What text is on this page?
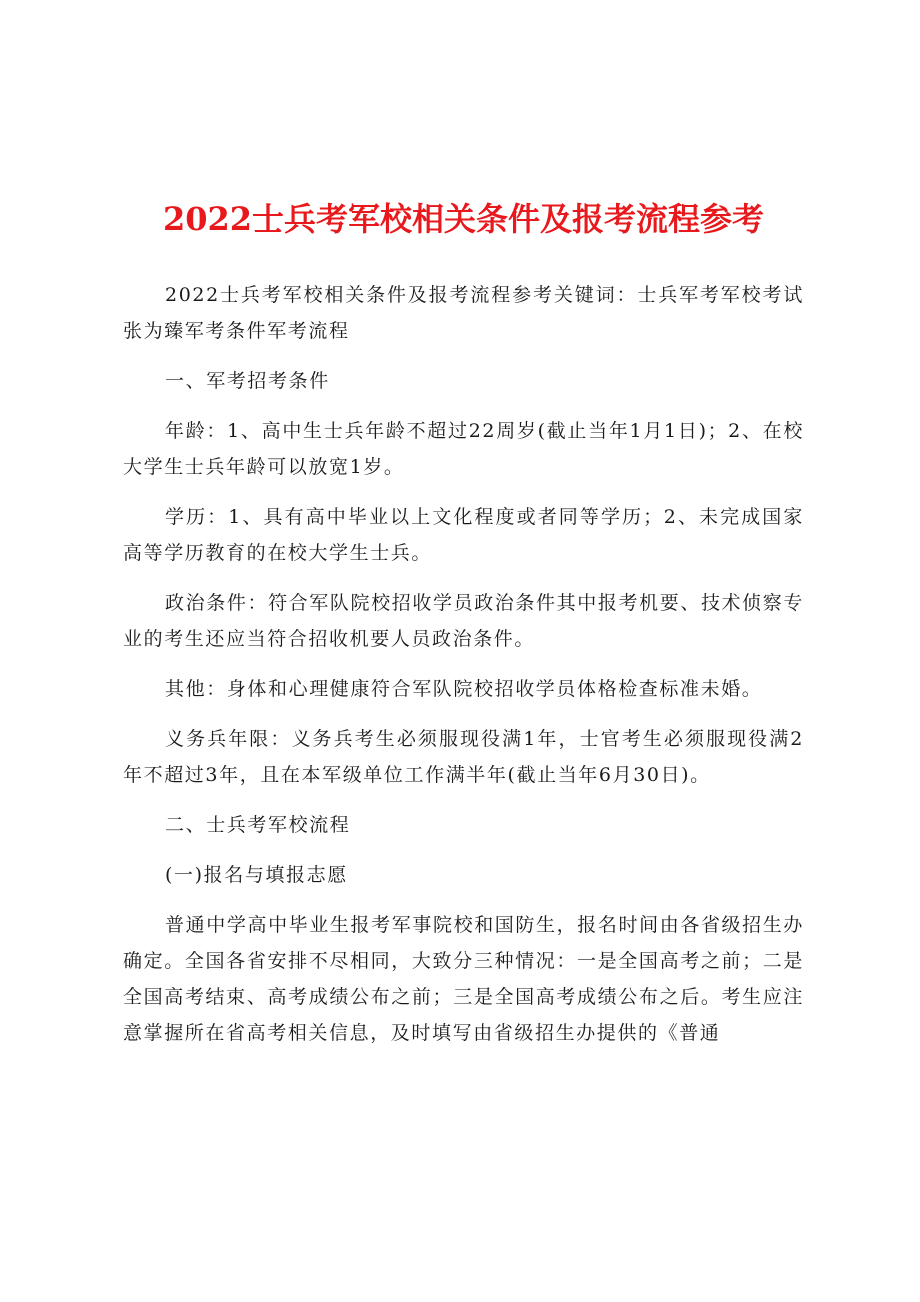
2022士兵考军校相关条件及报考流程参考

2022士兵考军校相关条件及报考流程参考关键词：士兵军考军校考试张为臻军考条件军考流程

一、军考招考条件

年龄：1、高中生士兵年龄不超过22周岁(截止当年1月1日)；2、在校大学生士兵年龄可以放宽1岁。

学历：1、具有高中毕业以上文化程度或者同等学历；2、未完成国家高等学历教育的在校大学生士兵。

政治条件：符合军队院校招收学员政治条件其中报考机要、技术侦察专业的考生还应当符合招收机要人员政治条件。

其他：身体和心理健康符合军队院校招收学员体格检查标准未婚。

义务兵年限：义务兵考生必须服现役满1年，士官考生必须服现役满2年不超过3年，且在本军级单位工作满半年(截止当年6月30日)。

二、士兵考军校流程

(一)报名与填报志愿

普通中学高中毕业生报考军事院校和国防生，报名时间由各省级招生办确定。全国各省安排不尽相同，大致分三种情况：一是全国高考之前；二是全国高考结束、高考成绩公布之前；三是全国高考成绩公布之后。考生应注意掌握所在省高考相关信息，及时填写由省级招生办提供的《普通
